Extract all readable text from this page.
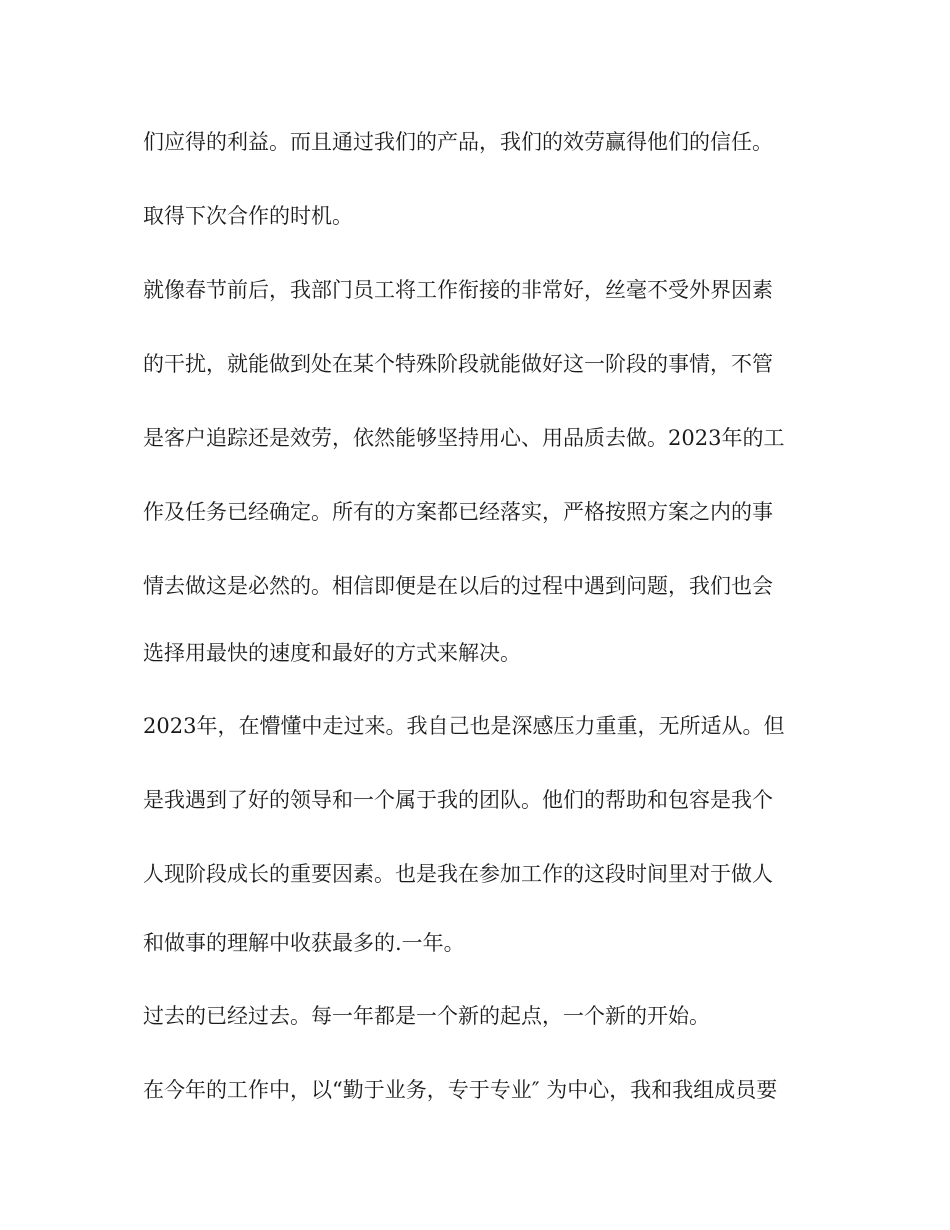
们应得的利益。而且通过我们的产品，我们的效劳赢得他们的信任。
取得下次合作的时机。
就像春节前后，我部门员工将工作衔接的非常好，丝毫不受外界因素
的干扰，就能做到处在某个特殊阶段就能做好这一阶段的事情，不管
是客户追踪还是效劳，依然能够坚持用心、用品质去做。2023年的工
作及任务已经确定。所有的方案都已经落实，严格按照方案之内的事
情去做这是必然的。相信即便是在以后的过程中遇到问题，我们也会
选择用最快的速度和最好的方式来解决。
2023年，在懵懂中走过来。我自己也是深感压力重重，无所适从。但
是我遇到了好的领导和一个属于我的团队。他们的帮助和包容是我个
人现阶段成长的重要因素。也是我在参加工作的这段时间里对于做人
和做事的理解中收获最多的.一年。
过去的已经过去。每一年都是一个新的起点，一个新的开始。
在今年的工作中，以“勤于业务，专于专业″ 为中心，我和我组成员要
